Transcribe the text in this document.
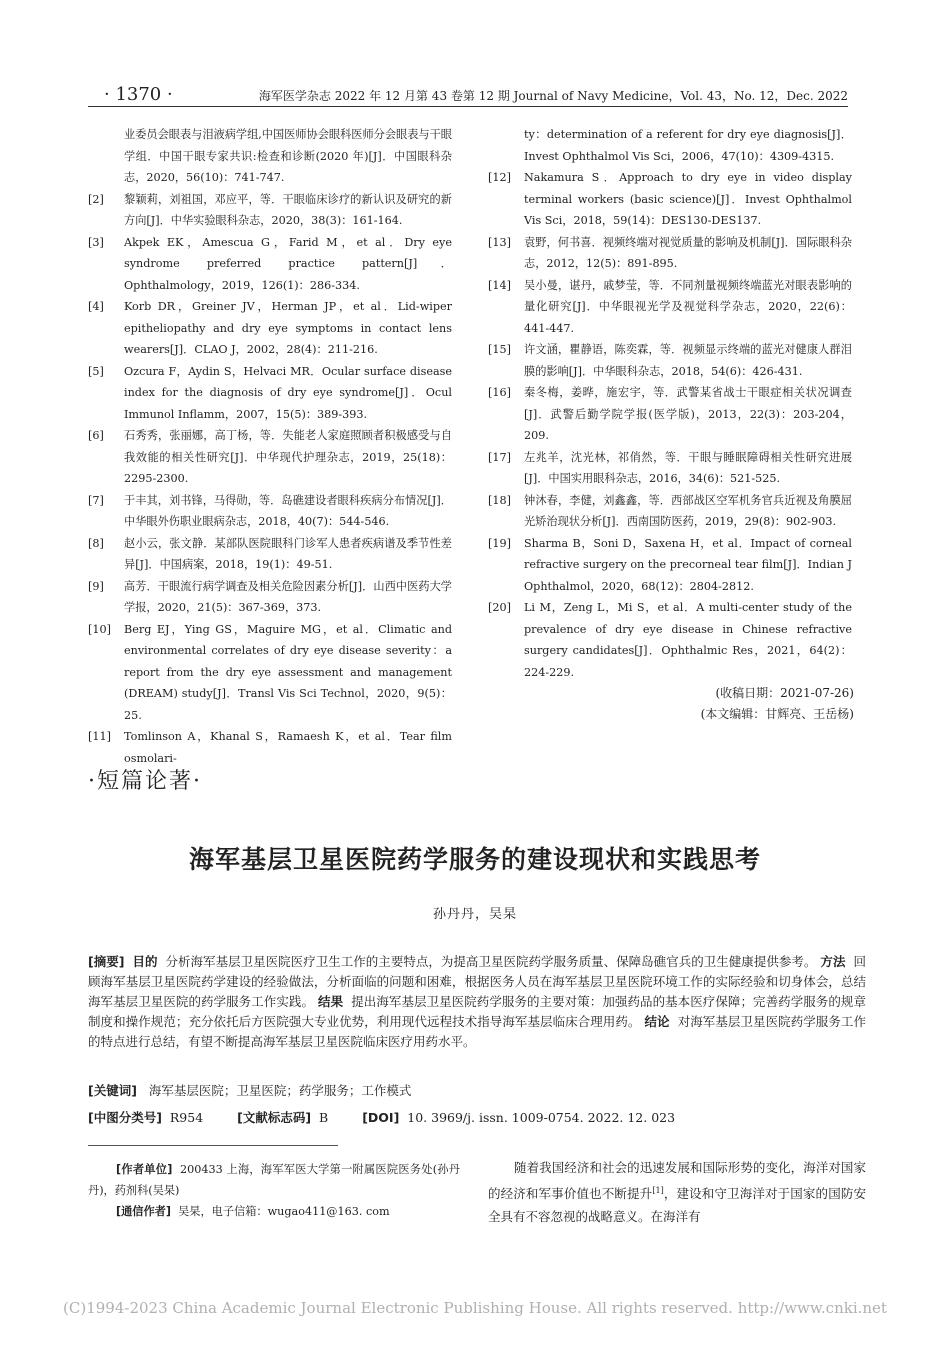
· 1370 ·	海军医学杂志 2022 年 12 月第 43 卷第 12 期 Journal of Navy Medicine，Vol. 43，No. 12，Dec. 2022
业委员会眼表与泪液病学组,中国医师协会眼科医师分会眼表与干眼学组．中国干眼专家共识:检查和诊断(2020 年)[J]．中国眼科杂志，2020，56(10)：741-747.
[2] 黎颖莉，刘祖国，邓应平，等．干眼临床诊疗的新认识及研究的新方向[J]．中华实验眼科杂志，2020，38(3)：161-164.
[3] Akpek EK，Amescua G，Farid M，et al．Dry eye syndrome preferred practice pattern[J]．Ophthalmology，2019，126(1)：286-334.
[4] Korb DR，Greiner JV，Herman JP，et al．Lid-wiper epitheliopathy and dry eye symptoms in contact lens wearers[J]．CLAO J，2002，28(4)：211-216.
[5] Ozcura F，Aydin S，Helvaci MR．Ocular surface disease index for the diagnosis of dry eye syndrome[J]．Ocul Immunol Inflamm，2007，15(5)：389-393.
[6] 石秀秀，张丽娜，高丁杨，等．失能老人家庭照顾者积极感受与自我效能的相关性研究[J]．中华现代护理杂志，2019，25(18)：2295-2300.
[7] 于丰其，刘书锋，马得勋，等．岛礁建设者眼科疾病分布情况[J]．中华眼外伤职业眼病杂志，2018，40(7)：544-546.
[8] 赵小云，张文静．某部队医院眼科门诊军人患者疾病谱及季节性差异[J]．中国病案，2018，19(1)：49-51.
[9] 高芳．干眼流行病学调查及相关危险因素分析[J]．山西中医药大学学报，2020，21(5)：367-369，373.
[10] Berg EJ，Ying GS，Maguire MG，et al．Climatic and environmental correlates of dry eye disease severity：a report from the dry eye assessment and management (DREAM) study[J]．Transl Vis Sci Technol，2020，9(5)：25.
[11] Tomlinson A，Khanal S，Ramaesh K，et al．Tear film osmolari-
ty：determination of a referent for dry eye diagnosis[J]．Invest Ophthalmol Vis Sci，2006，47(10)：4309-4315.
[12] Nakamura S．Approach to dry eye in video display terminal workers (basic science)[J]．Invest Ophthalmol Vis Sci，2018，59(14)：DES130-DES137.
[13] 袁野，何书喜．视频终端对视觉质量的影响及机制[J]．国际眼科杂志，2012，12(5)：891-895.
[14] 吴小曼，谌丹，戚梦莹，等．不同剂量视频终端蓝光对眼表影响的量化研究[J]．中华眼视光学及视觉科学杂志，2020，22(6)：441-447.
[15] 许文涵，瞿静语，陈奕霖，等．视频显示终端的蓝光对健康人群泪膜的影响[J]．中华眼科杂志，2018，54(6)：426-431.
[16] 秦冬梅，姜晔，施宏宇，等．武警某省战士干眼症相关状况调查[J]．武警后勤学院学报(医学版)，2013，22(3)：203-204，209.
[17] 左兆羊，沈光林，祁俏然，等．干眼与睡眠障碍相关性研究进展[J]．中国实用眼科杂志，2016，34(6)：521-525.
[18] 钟沐春，李健，刘鑫鑫，等．西部战区空军机务官兵近视及角膜屈光矫治现状分析[J]．西南国防医药，2019，29(8)：902-903.
[19] Sharma B，Soni D，Saxena H，et al．Impact of corneal refractive surgery on the precorneal tear film[J]．Indian J Ophthalmol，2020，68(12)：2804-2812.
[20] Li M，Zeng L，Mi S，et al．A multi-center study of the prevalence of dry eye disease in Chinese refractive surgery candidates[J]．Ophthalmic Res，2021，64(2)：224-229.
(收稿日期：2021-07-26)
(本文编辑：甘辉亮、王岳杨)
·短篇论著·
海军基层卫星医院药学服务的建设现状和实践思考
孙丹丹，吴杲
[摘要] 目的 分析海军基层卫星医院医疗卫生工作的主要特点，为提高卫星医院药学服务质量、保障岛礁官兵的卫生健康提供参考。 方法 回顾海军基层卫星医院药学建设的经验做法，分析面临的问题和困难，根据医务人员在海军基层卫星医院环境工作的实际经验和切身体会，总结海军基层卫星医院的药学服务工作实践。 结果 提出海军基层卫星医院药学服务的主要对策：加强药品的基本医疗保障；完善药学服务的规章制度和操作规范；充分依托后方医院强大专业优势，利用现代远程技术指导海军基层临床合理用药。 结论 对海军基层卫星医院药学服务工作的特点进行总结，有望不断提高海军基层卫星医院临床医疗用药水平。
[关键词] 海军基层医院；卫星医院；药学服务；工作模式
[中图分类号] R954	[文献标志码] B	[DOI] 10. 3969/j. issn. 1009-0754. 2022. 12. 023

[作者单位] 200433 上海，海军军医大学第一附属医院医务处(孙丹丹)，药剂科(吴杲)

[通信作者] 吴杲，电子信箱：wugao411@163. com

随着我国经济和社会的迅速发展和国际形势的变化，海洋对国家的经济和军事价值也不断提升[1]，建设和守卫海洋对于国家的国防安全具有不容忽视的战略意义。在海洋有
(C)1994-2023 China Academic Journal Electronic Publishing House. All rights reserved. http://www.cnki.net
